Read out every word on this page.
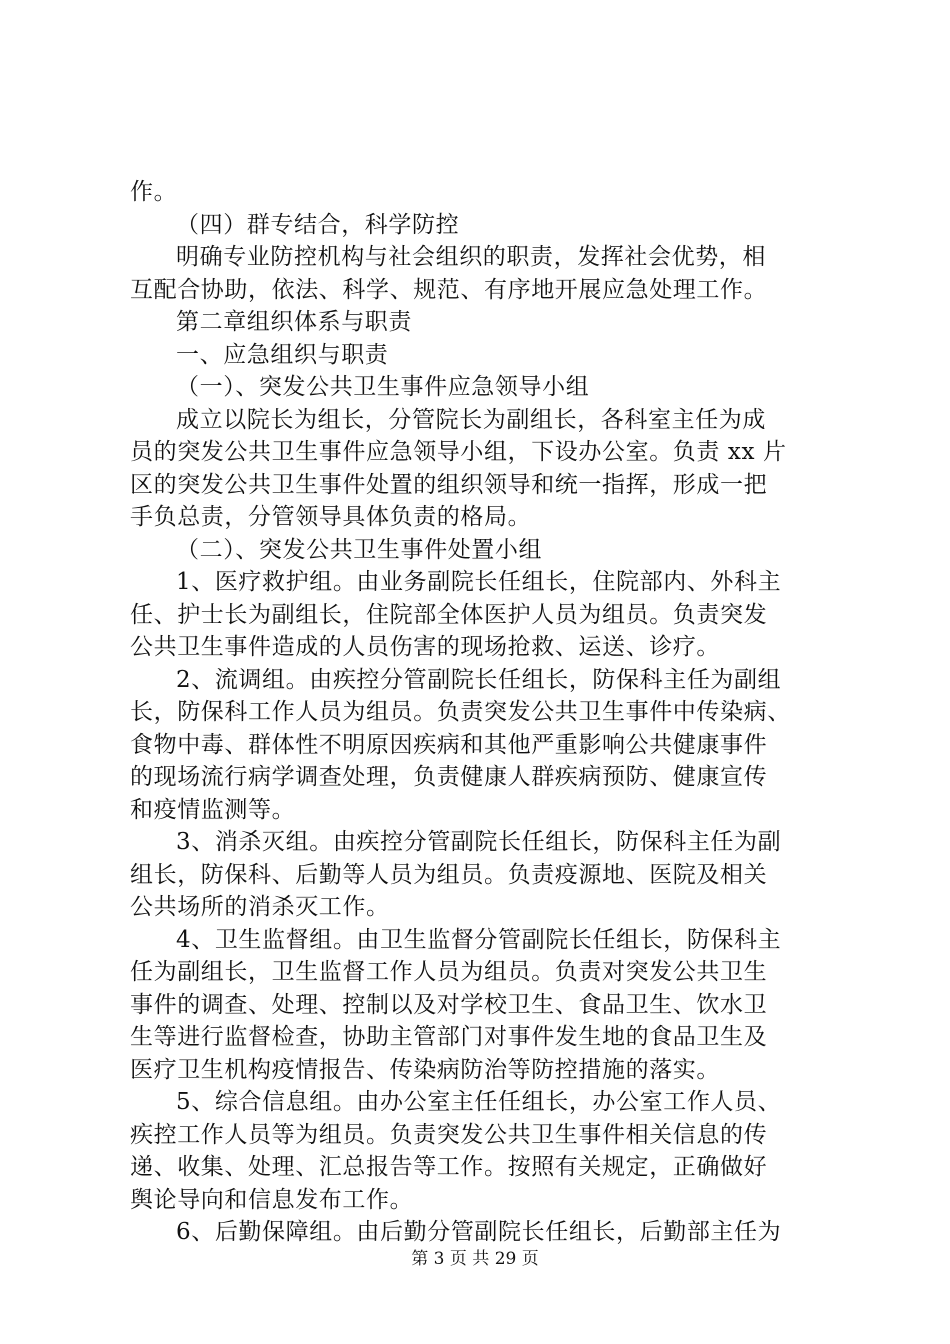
作。
（四）群专结合，科学防控
明确专业防控机构与社会组织的职责，发挥社会优势，相
互配合协助，依法、科学、规范、有序地开展应急处理工作。
第二章组织体系与职责
一、应急组织与职责
（一）、突发公共卫生事件应急领导小组
成立以院长为组长，分管院长为副组长，各科室主任为成
员的突发公共卫生事件应急领导小组，下设办公室。负责 xx 片
区的突发公共卫生事件处置的组织领导和统一指挥，形成一把
手负总责，分管领导具体负责的格局。
（二）、突发公共卫生事件处置小组
1、医疗救护组。由业务副院长任组长，住院部内、外科主
任、护士长为副组长，住院部全体医护人员为组员。负责突发
公共卫生事件造成的人员伤害的现场抢救、运送、诊疗。
2、流调组。由疾控分管副院长任组长，防保科主任为副组
长，防保科工作人员为组员。负责突发公共卫生事件中传染病、
食物中毒、群体性不明原因疾病和其他严重影响公共健康事件
的现场流行病学调查处理，负责健康人群疾病预防、健康宣传
和疫情监测等。
3、消杀灭组。由疾控分管副院长任组长，防保科主任为副
组长，防保科、后勤等人员为组员。负责疫源地、医院及相关
公共场所的消杀灭工作。
4、卫生监督组。由卫生监督分管副院长任组长，防保科主
任为副组长，卫生监督工作人员为组员。负责对突发公共卫生
事件的调查、处理、控制以及对学校卫生、食品卫生、饮水卫
生等进行监督检查，协助主管部门对事件发生地的食品卫生及
医疗卫生机构疫情报告、传染病防治等防控措施的落实。
5、综合信息组。由办公室主任任组长，办公室工作人员、
疾控工作人员等为组员。负责突发公共卫生事件相关信息的传
递、收集、处理、汇总报告等工作。按照有关规定，正确做好
舆论导向和信息发布工作。
6、后勤保障组。由后勤分管副院长任组长，后勤部主任为
第 3 页 共 29 页
